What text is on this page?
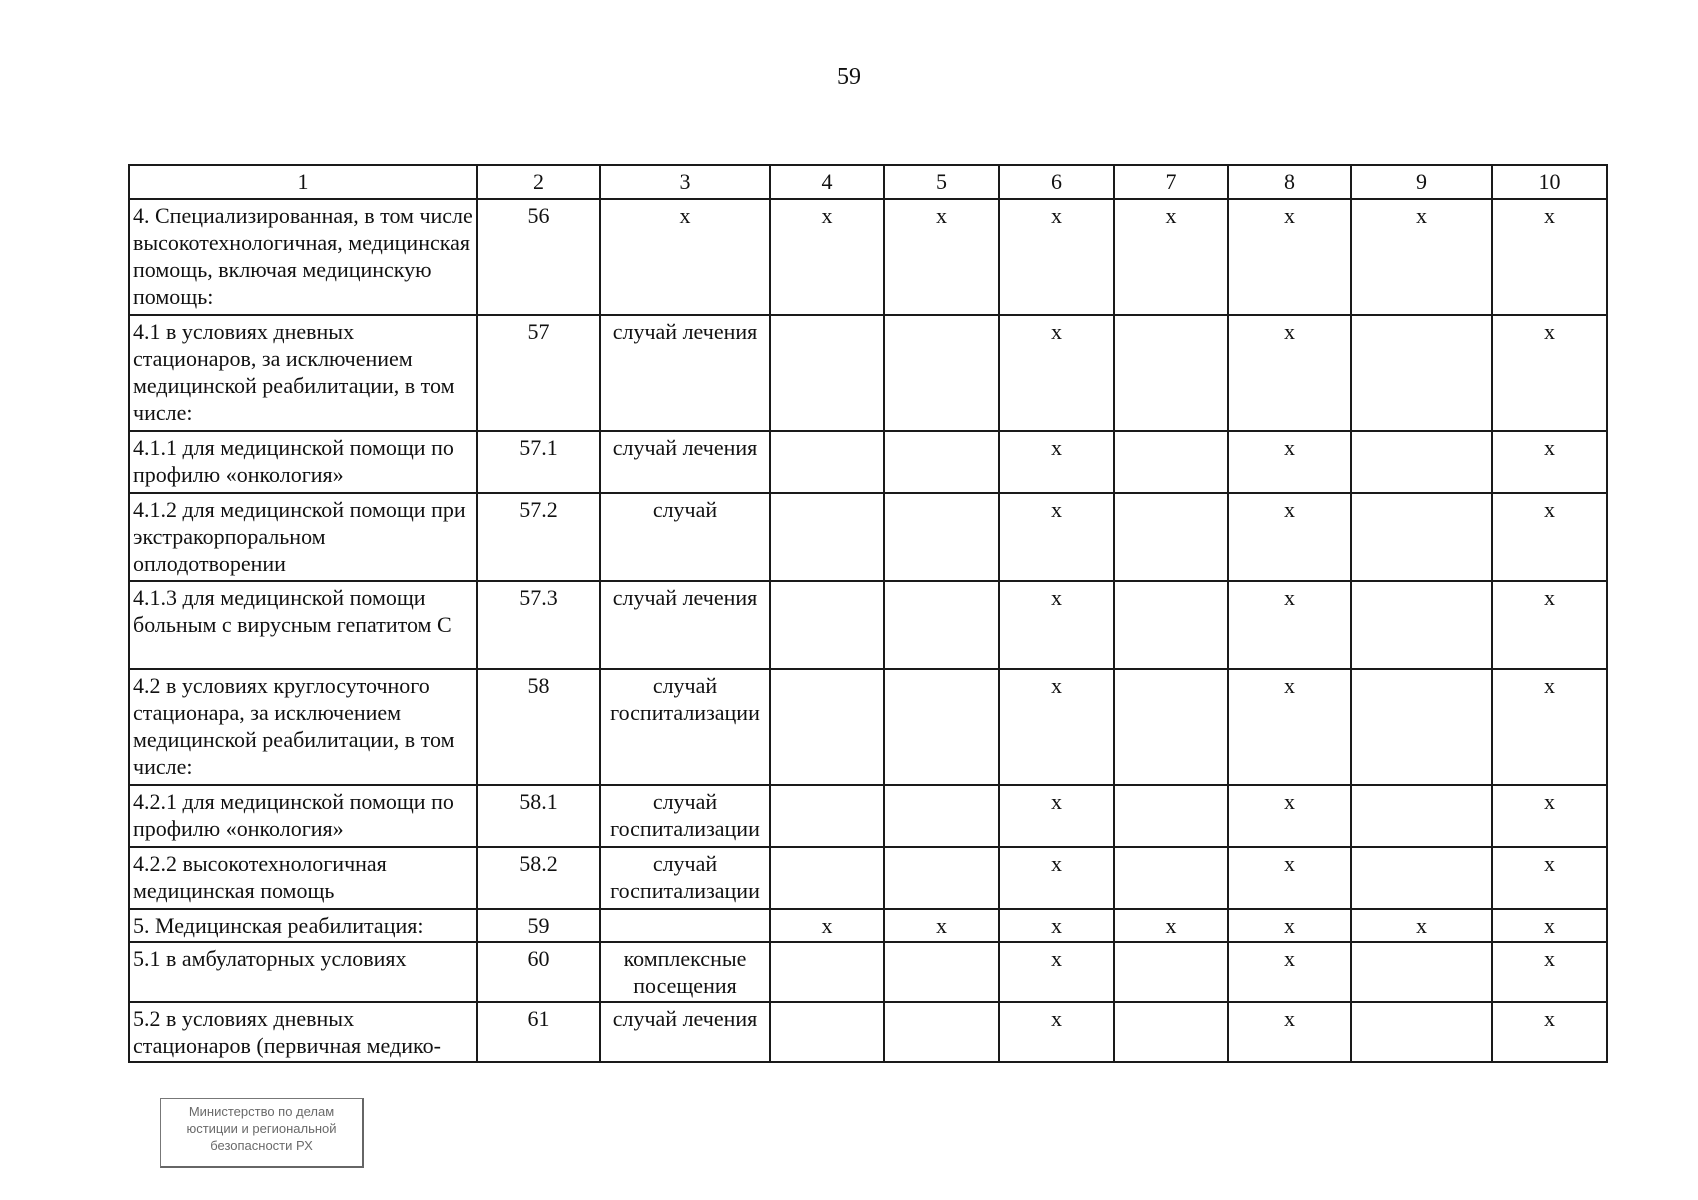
59
1	2	3	4	5	6	7	8	9	10
4. Специализированная, в том числе высокотехнологичная, медицинская помощь, включая медицинскую помощь:	56	х	х	х	х	х	х	х	х
4.1 в условиях дневных стационаров, за исключением медицинской реабилитации, в том числе:	57	случай лечения			х		х		х
4.1.1 для медицинской помощи по профилю «онкология»	57.1	случай лечения			х		х		х
4.1.2 для медицинской помощи при экстракорпоральном оплодотворении	57.2	случай			х		х		х
4.1.3 для медицинской помощи больным с вирусным гепатитом С	57.3	случай лечения			х		х		х
4.2 в условиях круглосуточного стационара, за исключением медицинской реабилитации, в том числе:	58	случай госпитализации			х		х		х
4.2.1 для медицинской помощи по профилю «онкология»	58.1	случай госпитализации			х		х		х
4.2.2 высокотехнологичная медицинская помощь	58.2	случай госпитализации			х		х		х
5. Медицинская реабилитация:	59		х	х	х	х	х	х	х
5.1 в амбулаторных условиях	60	комплексные посещения			х		х		х
5.2 в условиях дневных стационаров (первичная медико-	61	случай лечения			х		х		х
Министерство по делам
юстиции и региональной
безопасности РХ
